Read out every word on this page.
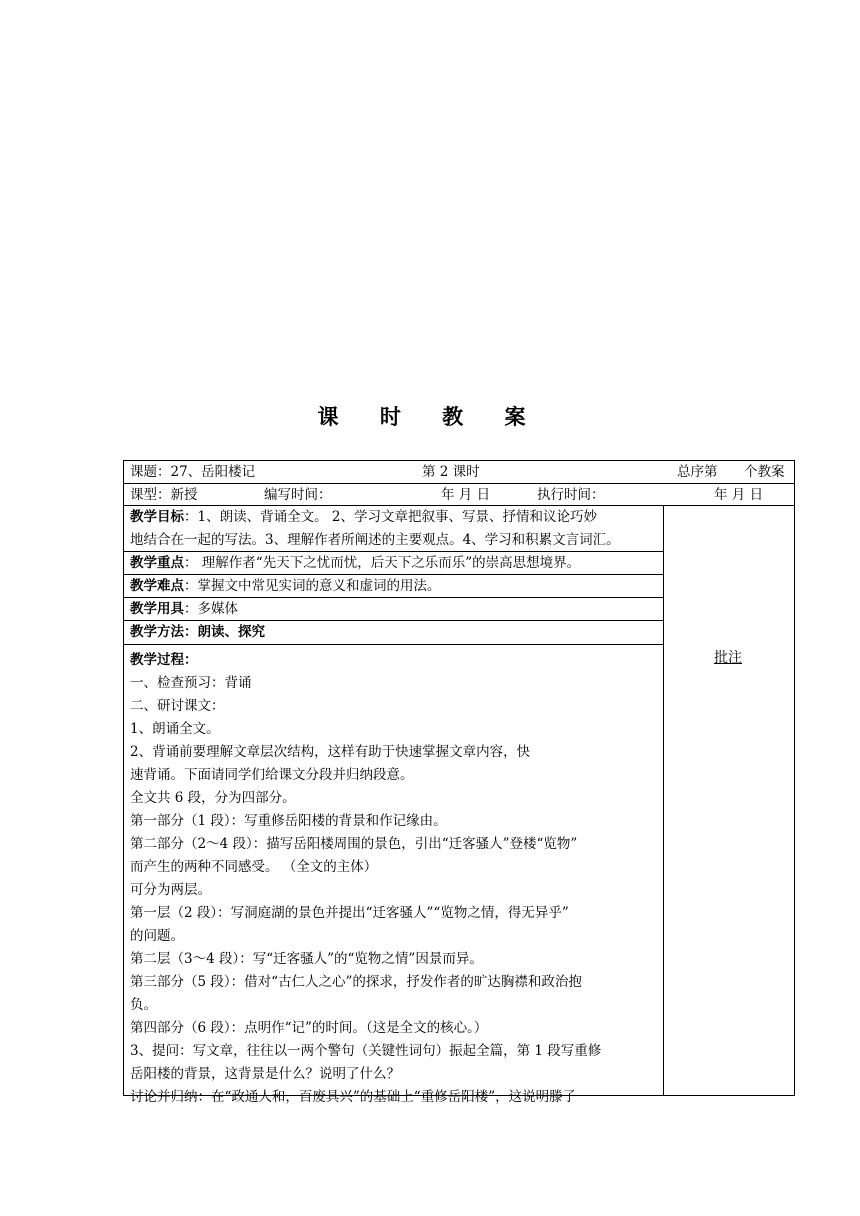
课 时 教 案
课题：27、岳阳楼记	第 2 课时	总序第 个教案
课型：新授	编写时间：	年 月 日	执行时间：	年 月 日
教学目标：1、朗读、背诵全文。 2、学习文章把叙事、写景、抒情和议论巧妙
地结合在一起的写法。3、理解作者所阐述的主要观点。4、学习和积累文言词汇。
教学重点： 理解作者“先天下之忧而忧，后天下之乐而乐”的崇高思想境界。
教学难点：掌握文中常见实词的意义和虚词的用法。
教学用具：多媒体
教学方法：朗读、探究
教学过程：
一、检查预习：背诵
二、研讨课文：
1、朗诵全文。
2、背诵前要理解文章层次结构，这样有助于快速掌握文章内容，快
速背诵。下面请同学们给课文分段并归纳段意。
全文共 6 段，分为四部分。
第一部分（1 段）：写重修岳阳楼的背景和作记缘由。
第二部分（2～4 段）：描写岳阳楼周围的景色，引出“迁客骚人”登楼“览物”
而产生的两种不同感受。 （全文的主体）
可分为两层。
第一层（2 段）：写洞庭湖的景色并提出“迁客骚人”“览物之情，得无异乎”
的问题。
第二层（3～4 段）：写“迁客骚人”的“览物之情”因景而异。
第三部分（5 段）：借对“古仁人之心”的探求，抒发作者的旷达胸襟和政治抱
负。
第四部分（6 段）：点明作“记”的时间。（这是全文的核心。）
3、提问：写文章，往往以一两个警句（关键性词句）振起全篇，第 1 段写重修
岳阳楼的背景，这背景是什么？说明了什么？
讨论并归纳：在“政通人和，百废具兴”的基础上“重修岳阳楼”，这说明滕子
批注
